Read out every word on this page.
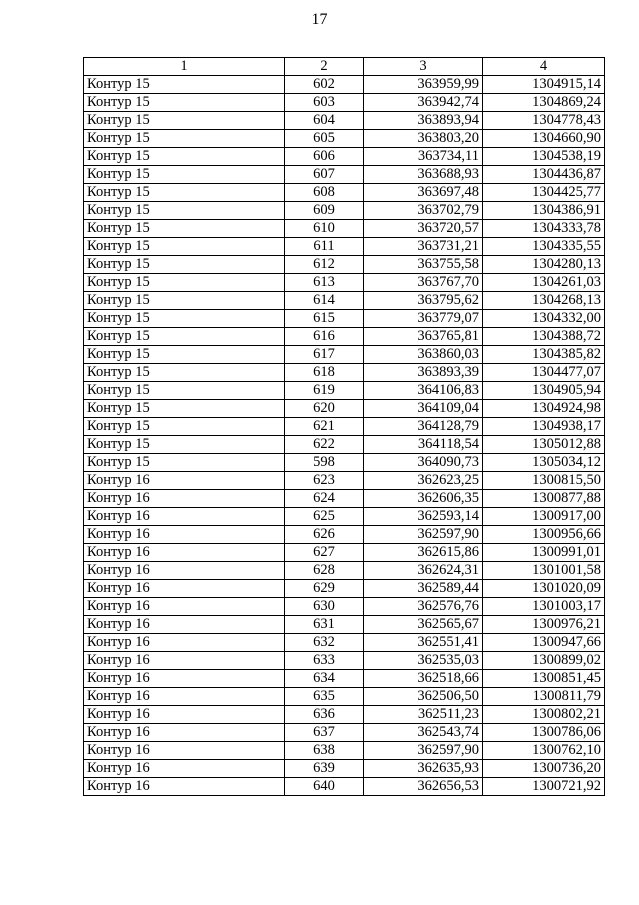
17
1	2	3	4
Контур 15	602	363959,99	1304915,14
Контур 15	603	363942,74	1304869,24
Контур 15	604	363893,94	1304778,43
Контур 15	605	363803,20	1304660,90
Контур 15	606	363734,11	1304538,19
Контур 15	607	363688,93	1304436,87
Контур 15	608	363697,48	1304425,77
Контур 15	609	363702,79	1304386,91
Контур 15	610	363720,57	1304333,78
Контур 15	611	363731,21	1304335,55
Контур 15	612	363755,58	1304280,13
Контур 15	613	363767,70	1304261,03
Контур 15	614	363795,62	1304268,13
Контур 15	615	363779,07	1304332,00
Контур 15	616	363765,81	1304388,72
Контур 15	617	363860,03	1304385,82
Контур 15	618	363893,39	1304477,07
Контур 15	619	364106,83	1304905,94
Контур 15	620	364109,04	1304924,98
Контур 15	621	364128,79	1304938,17
Контур 15	622	364118,54	1305012,88
Контур 15	598	364090,73	1305034,12
Контур 16	623	362623,25	1300815,50
Контур 16	624	362606,35	1300877,88
Контур 16	625	362593,14	1300917,00
Контур 16	626	362597,90	1300956,66
Контур 16	627	362615,86	1300991,01
Контур 16	628	362624,31	1301001,58
Контур 16	629	362589,44	1301020,09
Контур 16	630	362576,76	1301003,17
Контур 16	631	362565,67	1300976,21
Контур 16	632	362551,41	1300947,66
Контур 16	633	362535,03	1300899,02
Контур 16	634	362518,66	1300851,45
Контур 16	635	362506,50	1300811,79
Контур 16	636	362511,23	1300802,21
Контур 16	637	362543,74	1300786,06
Контур 16	638	362597,90	1300762,10
Контур 16	639	362635,93	1300736,20
Контур 16	640	362656,53	1300721,92
